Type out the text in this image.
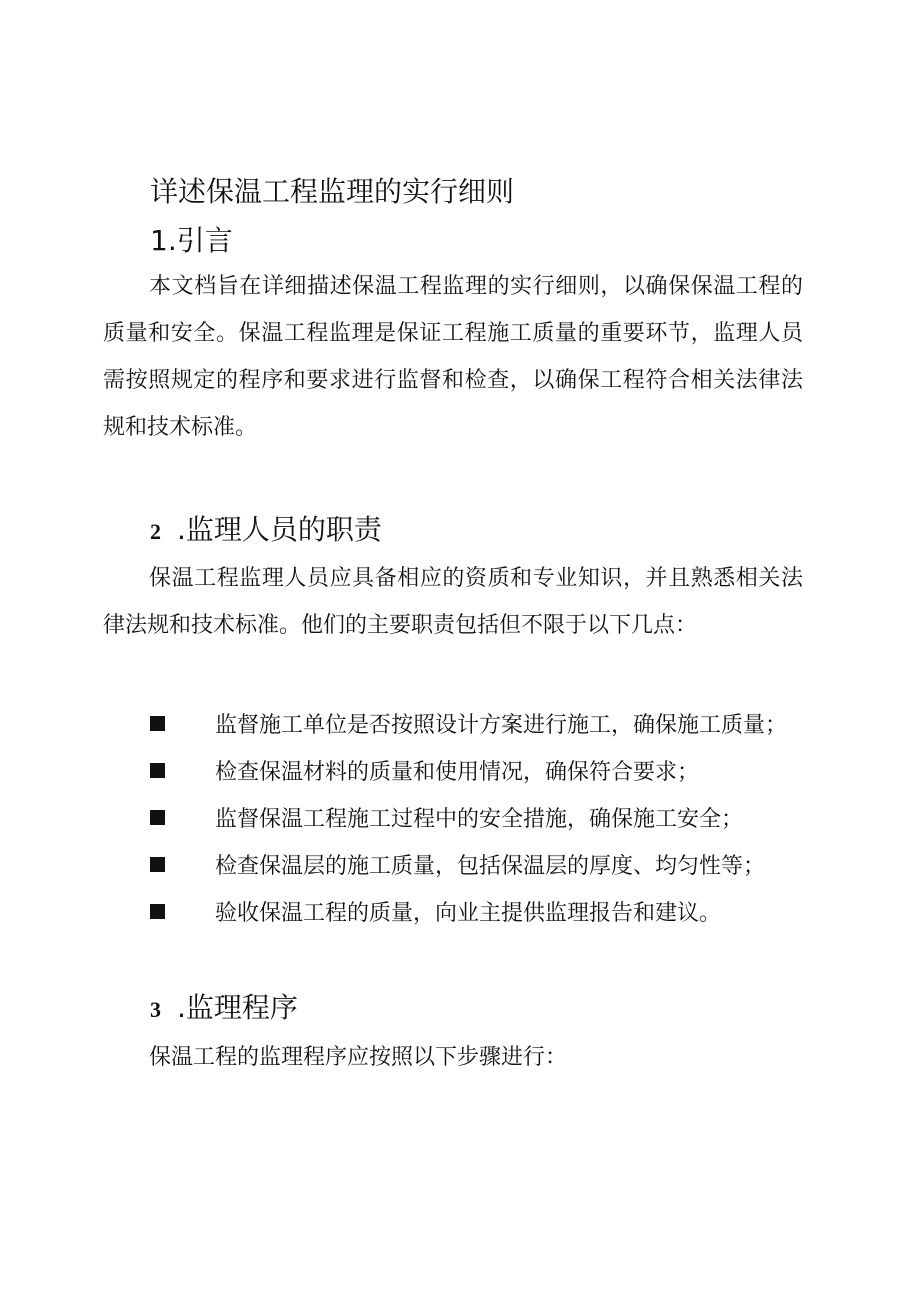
详述保温工程监理的实行细则
1.引言

本文档旨在详细描述保温工程监理的实行细则，以确保保温工程的质量和安全。保温工程监理是保证工程施工质量的重要环节，监理人员需按照规定的程序和要求进行监督和检查，以确保工程符合相关法律法规和技术标准。

2 .监理人员的职责

保温工程监理人员应具备相应的资质和专业知识，并且熟悉相关法律法规和技术标准。他们的主要职责包括但不限于以下几点：

监督施工单位是否按照设计方案进行施工，确保施工质量；
检查保温材料的质量和使用情况，确保符合要求；
监督保温工程施工过程中的安全措施，确保施工安全；
检查保温层的施工质量，包括保温层的厚度、均匀性等；
验收保温工程的质量，向业主提供监理报告和建议。
3 .监理程序

保温工程的监理程序应按照以下步骤进行：
